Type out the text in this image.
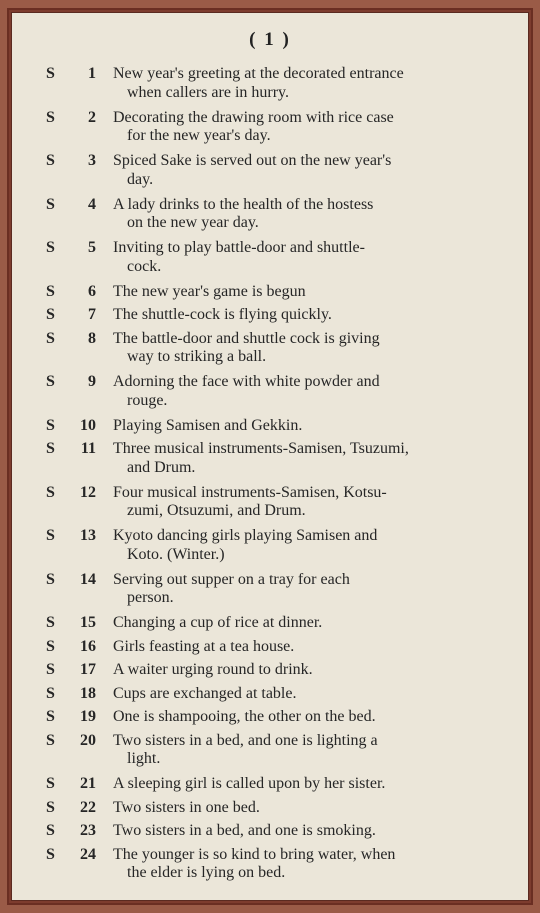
( 1 )
S	1 New year's greeting at the decorated entrance
when callers are in hurry.
S	2 Decorating the drawing room with rice case
for the new year's day.
S	3 Spiced Sake is served out on the new year's
day.
S	4 A lady drinks to the health of the hostess
on the new year day.
S	5 Inviting to play battle-door and shuttle-
cock.
S	6 The new year's game is begun
S	7 The shuttle-cock is flying quickly.
S	8 The battle-door and shuttle cock is giving
way to striking a ball.
S	9 Adorning the face with white powder and
rouge.
S	10 Playing Samisen and Gekkin.
S	11 Three musical instruments-Samisen, Tsuzumi,
and Drum.
S	12 Four musical instruments-Samisen, Kotsu-
zumi, Otsuzumi, and Drum.
S	13 Kyoto dancing girls playing Samisen and
Koto. (Winter.)
S	14 Serving out supper on a tray for each
person.
S	15 Changing a cup of rice at dinner.
S	16 Girls feasting at a tea house.
S	17 A waiter urging round to drink.
S	18 Cups are exchanged at table.
S	19 One is shampooing, the other on the bed.
S	20 Two sisters in a bed, and one is lighting a
light.
S	21 A sleeping girl is called upon by her sister.
S	22 Two sisters in one bed.
S	23 Two sisters in a bed, and one is smoking.
S	24 The younger is so kind to bring water, when
the elder is lying on bed.
